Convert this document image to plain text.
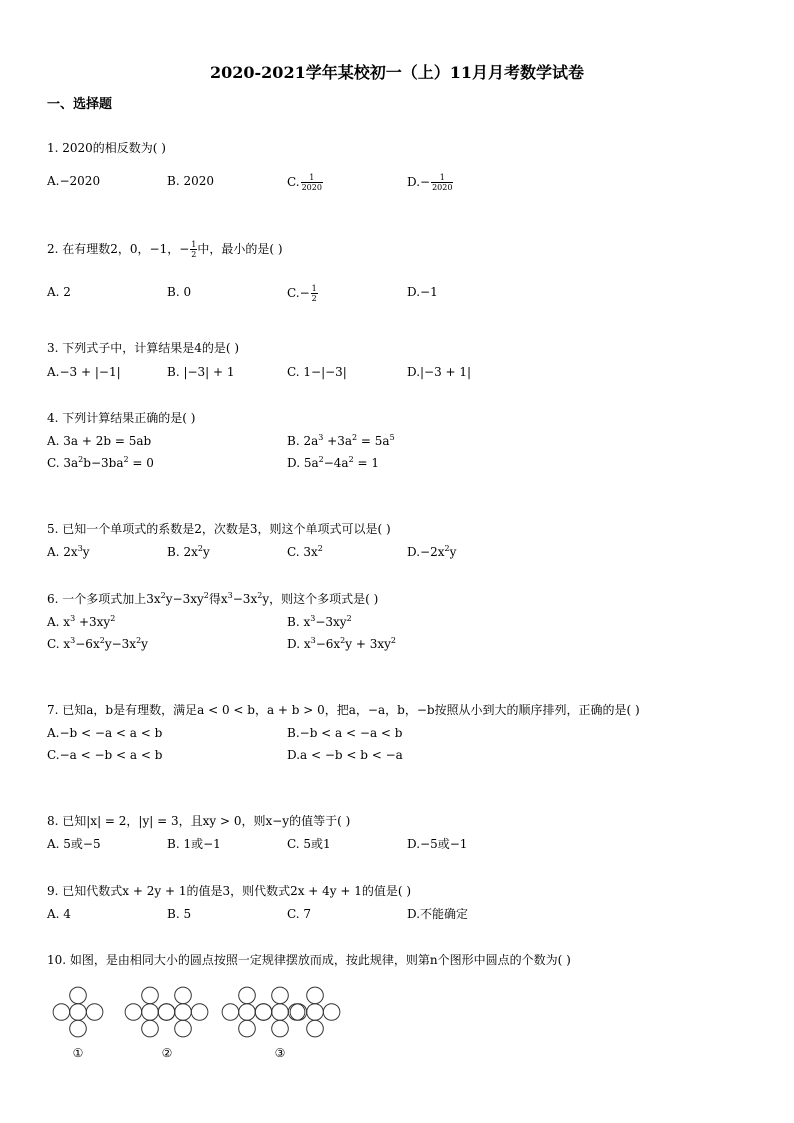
2020-2021学年某校初一（上）11月月考数学试卷
一、选择题
1. 2020的相反数为( )
A.−2020	B. 2020	C. $\frac{1}{2020}$	$D.- \frac{1}{2020}$
2. 在有理数2，0，−1，− $\frac{1}{2}$ 中，最小的是( )
A. 2	B. 0	$C.- \frac{1}{2}$	D.−1
3. 下列式子中，计算结果是4的是( )
A.−3 + |−1|	B. |−3| + 1	C. 1−|−3|	D.|−3 + 1|
4. 下列计算结果正确的是( )
A. 3a + 2b = 5ab	B. $2a^3 +3a^2 = 5a^5$
C. $3a^2b-3ba^2 = 0$	D. $5a^2-4a^2 = 1$
5. 已知一个单项式的系数是2，次数是3，则这个单项式可以是( )
A. $2x^3y$	B. $2x^2y$	C. $3x^2$	$D.-2x^2y$
6. 一个多项式加上$3x^2y-3xy^2$得$x^3-3x^2y$，则这个多项式是( )
A. $x^3 +3xy^2$	B. $x^3-3xy^2$
C. $x^3-6x^2y-3x^2y$	D. $x^3-6x^2y + 3xy^2$
7. 已知a，b是有理数，满足a < 0 < b，a + b > 0，把a，−a，b，−b按照从小到大的顺序排列，正确的是( )
A.−b < −a < a < b	B.−b < a < −a < b
C.−a < −b < a < b	D.a < −b < b < −a
8. 已知|x| = 2，|y| = 3，且xy > 0，则x−y的值等于( )
A. 5或−5	B. 1或−1	C. 5或1	D.−5或−1
9. 已知代数式x + 2y + 1的值是3，则代数式2x + 4y + 1的值是( )
A. 4	B. 5	C. 7	D.不能确定
10. 如图，是由相同大小的圆点按照一定规律摆放而成，按此规律，则第n个图形中圆点的个数为( )
①	②	③
